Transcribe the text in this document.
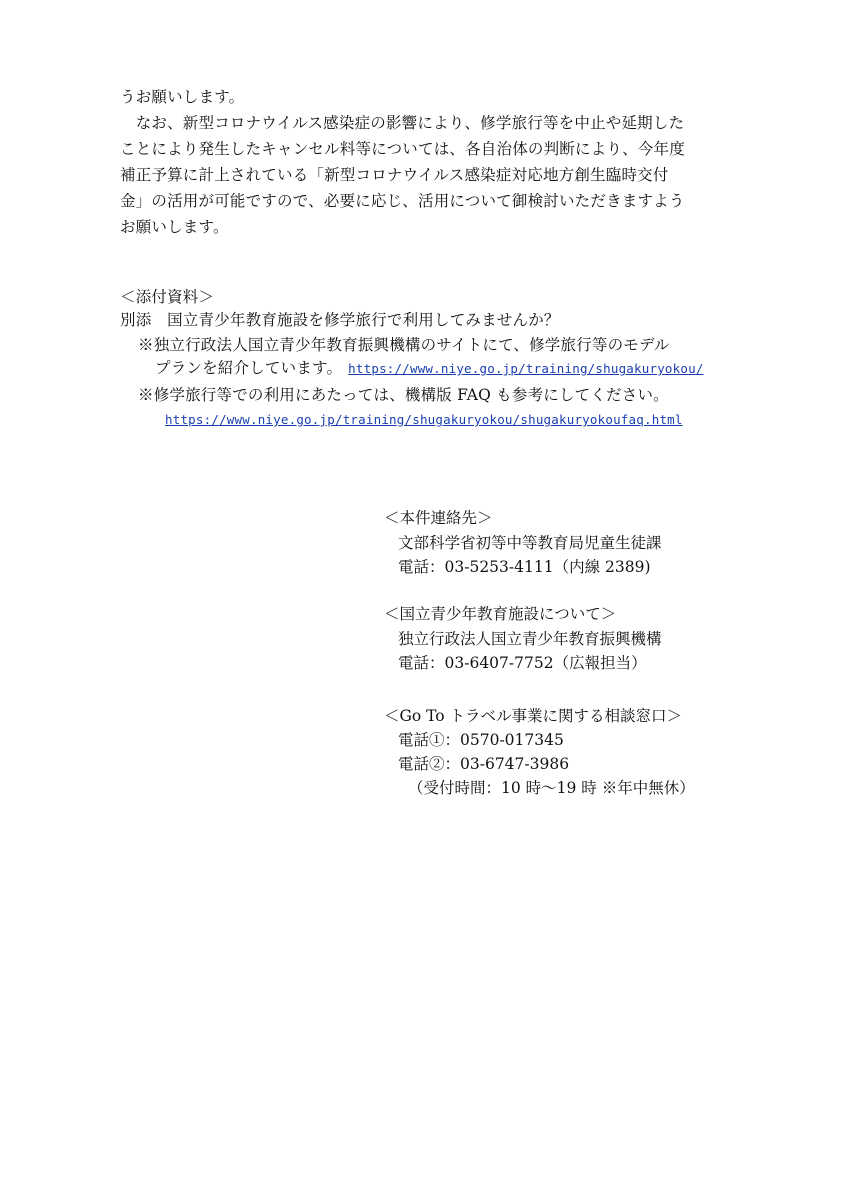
うお願いします。
　なお、新型コロナウイルス感染症の影響により、修学旅行等を中止や延期した
ことにより発生したキャンセル料等については、各自治体の判断により、今年度
補正予算に計上されている「新型コロナウイルス感染症対応地方創生臨時交付
金」の活用が可能ですので、必要に応じ、活用について御検討いただきますよう
お願いします。
＜添付資料＞
別添　国立青少年教育施設を修学旅行で利用してみませんか？
※独立行政法人国立青少年教育振興機構のサイトにて、修学旅行等のモデル
プランを紹介しています。 https://www.niye.go.jp/training/shugakuryokou/
※修学旅行等での利用にあたっては、機構版 FAQ も参考にしてください。
https://www.niye.go.jp/training/shugakuryokou/shugakuryokoufaq.html
＜本件連絡先＞
文部科学省初等中等教育局児童生徒課
電話：03-5253-4111（内線 2389)
＜国立青少年教育施設について＞
独立行政法人国立青少年教育振興機構
電話：03-6407-7752（広報担当）
＜Go To トラベル事業に関する相談窓口＞
電話①：0570-017345
電話②：03-6747-3986
（受付時間：10 時～19 時 ※年中無休）
